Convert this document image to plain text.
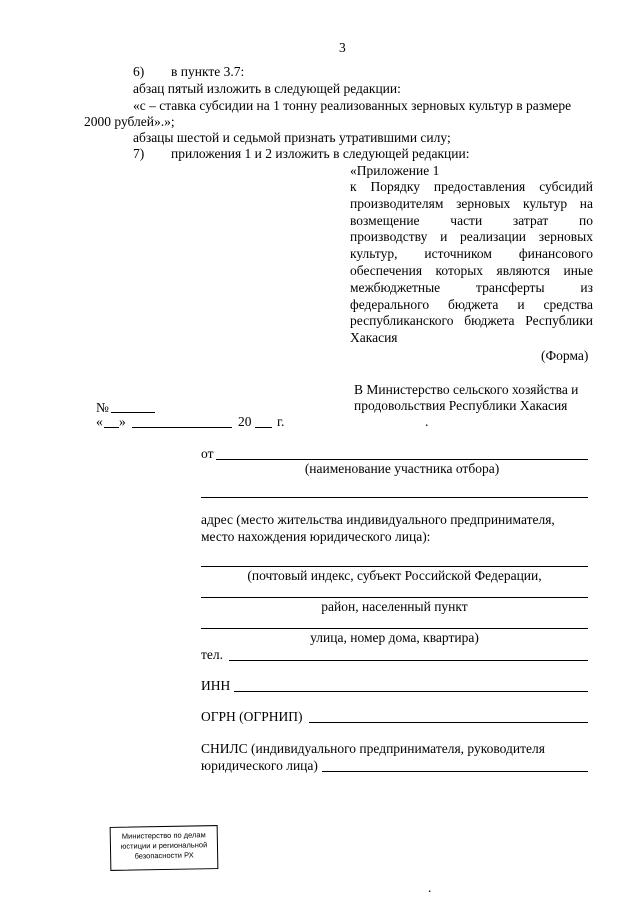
3
6) в пункте 3.7:
абзац пятый изложить в следующей редакции:
«с – ставка субсидии на 1 тонну реализованных зерновых культур в размере
2000 рублей».»;
абзацы шестой и седьмой признать утратившими силу;
7) приложения 1 и 2 изложить в следующей редакции:
«Приложение 1
к Порядку предоставления субсидий
производителям зерновых культур на
возмещение части затрат по
производству и реализации зерновых
культур, источником финансового
обеспечения которых являются иные
межбюджетные трансферты из
федерального бюджета и средства
республиканского бюджета Республики
Хакасия
(Форма)
В Министерство сельского хозяйства и
продовольствия Республики Хакасия
№
« »	20 г.	.
от
(наименование участника отбора)
адрес (место жительства индивидуального предпринимателя,
место нахождения юридического лица):
(почтовый индекс, субъект Российской Федерации,
район, населенный пункт
улица, номер дома, квартира)
тел.
ИНН
ОГРН (ОГРНИП)
СНИЛС (индивидуального предпринимателя, руководителя
юридического лица)
Министерство по делам
юстиции и региональной
безопасности РХ
.
